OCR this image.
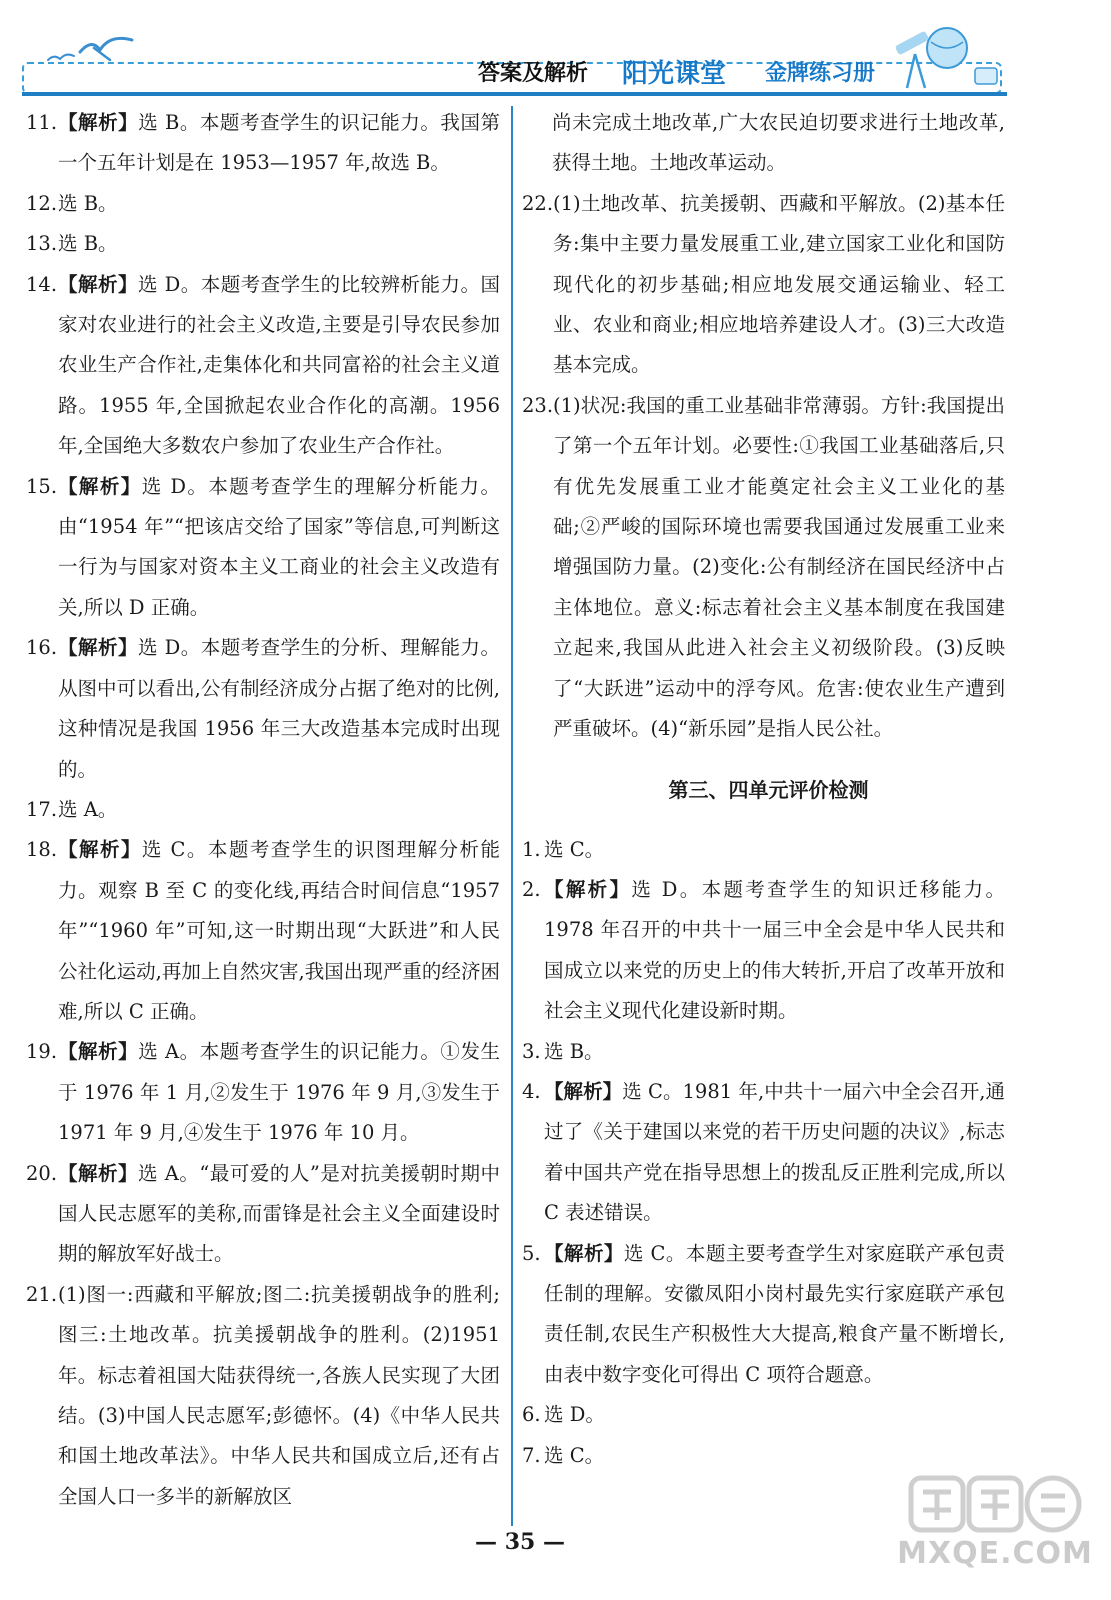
答案及解析 阳光课堂 金牌练习册
11. 【解析】选 B。本题考查学生的识记能力。我国第一个五年计划是在 1953—1957 年,故选 B。
12. 选 B。
13. 选 B。
14. 【解析】选 D。本题考查学生的比较辨析能力。国家对农业进行的社会主义改造,主要是引导农民参加农业生产合作社,走集体化和共同富裕的社会主义道路。1955 年,全国掀起农业合作化的高潮。1956 年,全国绝大多数农户参加了农业生产合作社。
15. 【解析】选 D。本题考查学生的理解分析能力。由“1954 年”“把该店交给了国家”等信息,可判断这一行为与国家对资本主义工商业的社会主义改造有关,所以 D 正确。
16. 【解析】选 D。本题考查学生的分析、理解能力。从图中可以看出,公有制经济成分占据了绝对的比例,这种情况是我国 1956 年三大改造基本完成时出现的。
17. 选 A。
18. 【解析】选 C。本题考查学生的识图理解分析能力。观察 B 至 C 的变化线,再结合时间信息“1957 年”“1960 年”可知,这一时期出现“大跃进”和人民公社化运动,再加上自然灾害,我国出现严重的经济困难,所以 C 正确。
19. 【解析】选 A。本题考查学生的识记能力。①发生于 1976 年 1 月,②发生于 1976 年 9 月,③发生于 1971 年 9 月,④发生于 1976 年 10 月。
20. 【解析】选 A。“最可爱的人”是对抗美援朝时期中国人民志愿军的美称,而雷锋是社会主义全面建设时期的解放军好战士。
21. (1)图一:西藏和平解放;图二:抗美援朝战争的胜利;图三:土地改革。抗美援朝战争的胜利。(2)1951 年。标志着祖国大陆获得统一,各族人民实现了大团结。(3)中国人民志愿军;彭德怀。(4)《中华人民共和国土地改革法》。中华人民共和国成立后,还有占全国人口一多半的新解放区
尚未完成土地改革,广大农民迫切要求进行土地改革,获得土地。土地改革运动。
22. (1)土地改革、抗美援朝、西藏和平解放。(2)基本任务:集中主要力量发展重工业,建立国家工业化和国防现代化的初步基础;相应地发展交通运输业、轻工业、农业和商业;相应地培养建设人才。(3)三大改造基本完成。
23. (1)状况:我国的重工业基础非常薄弱。方针:我国提出了第一个五年计划。必要性:①我国工业基础落后,只有优先发展重工业才能奠定社会主义工业化的基础;②严峻的国际环境也需要我国通过发展重工业来增强国防力量。(2)变化:公有制经济在国民经济中占主体地位。意义:标志着社会主义基本制度在我国建立起来,我国从此进入社会主义初级阶段。(3)反映了“大跃进”运动中的浮夸风。危害:使农业生产遭到严重破坏。(4)“新乐园”是指人民公社。
第三、四单元评价检测
1. 选 C。
2. 【解析】选 D。本题考查学生的知识迁移能力。1978 年召开的中共十一届三中全会是中华人民共和国成立以来党的历史上的伟大转折,开启了改革开放和社会主义现代化建设新时期。
3. 选 B。
4. 【解析】选 C。1981 年,中共十一届六中全会召开,通过了《关于建国以来党的若干历史问题的决议》,标志着中国共产党在指导思想上的拨乱反正胜利完成,所以 C 表述错误。
5. 【解析】选 C。本题主要考查学生对家庭联产承包责任制的理解。安徽凤阳小岗村最先实行家庭联产承包责任制,农民生产积极性大大提高,粮食产量不断增长,由表中数字变化可得出 C 项符合题意。
6. 选 D。
7. 选 C。
— 35 —	MXQE.COM
